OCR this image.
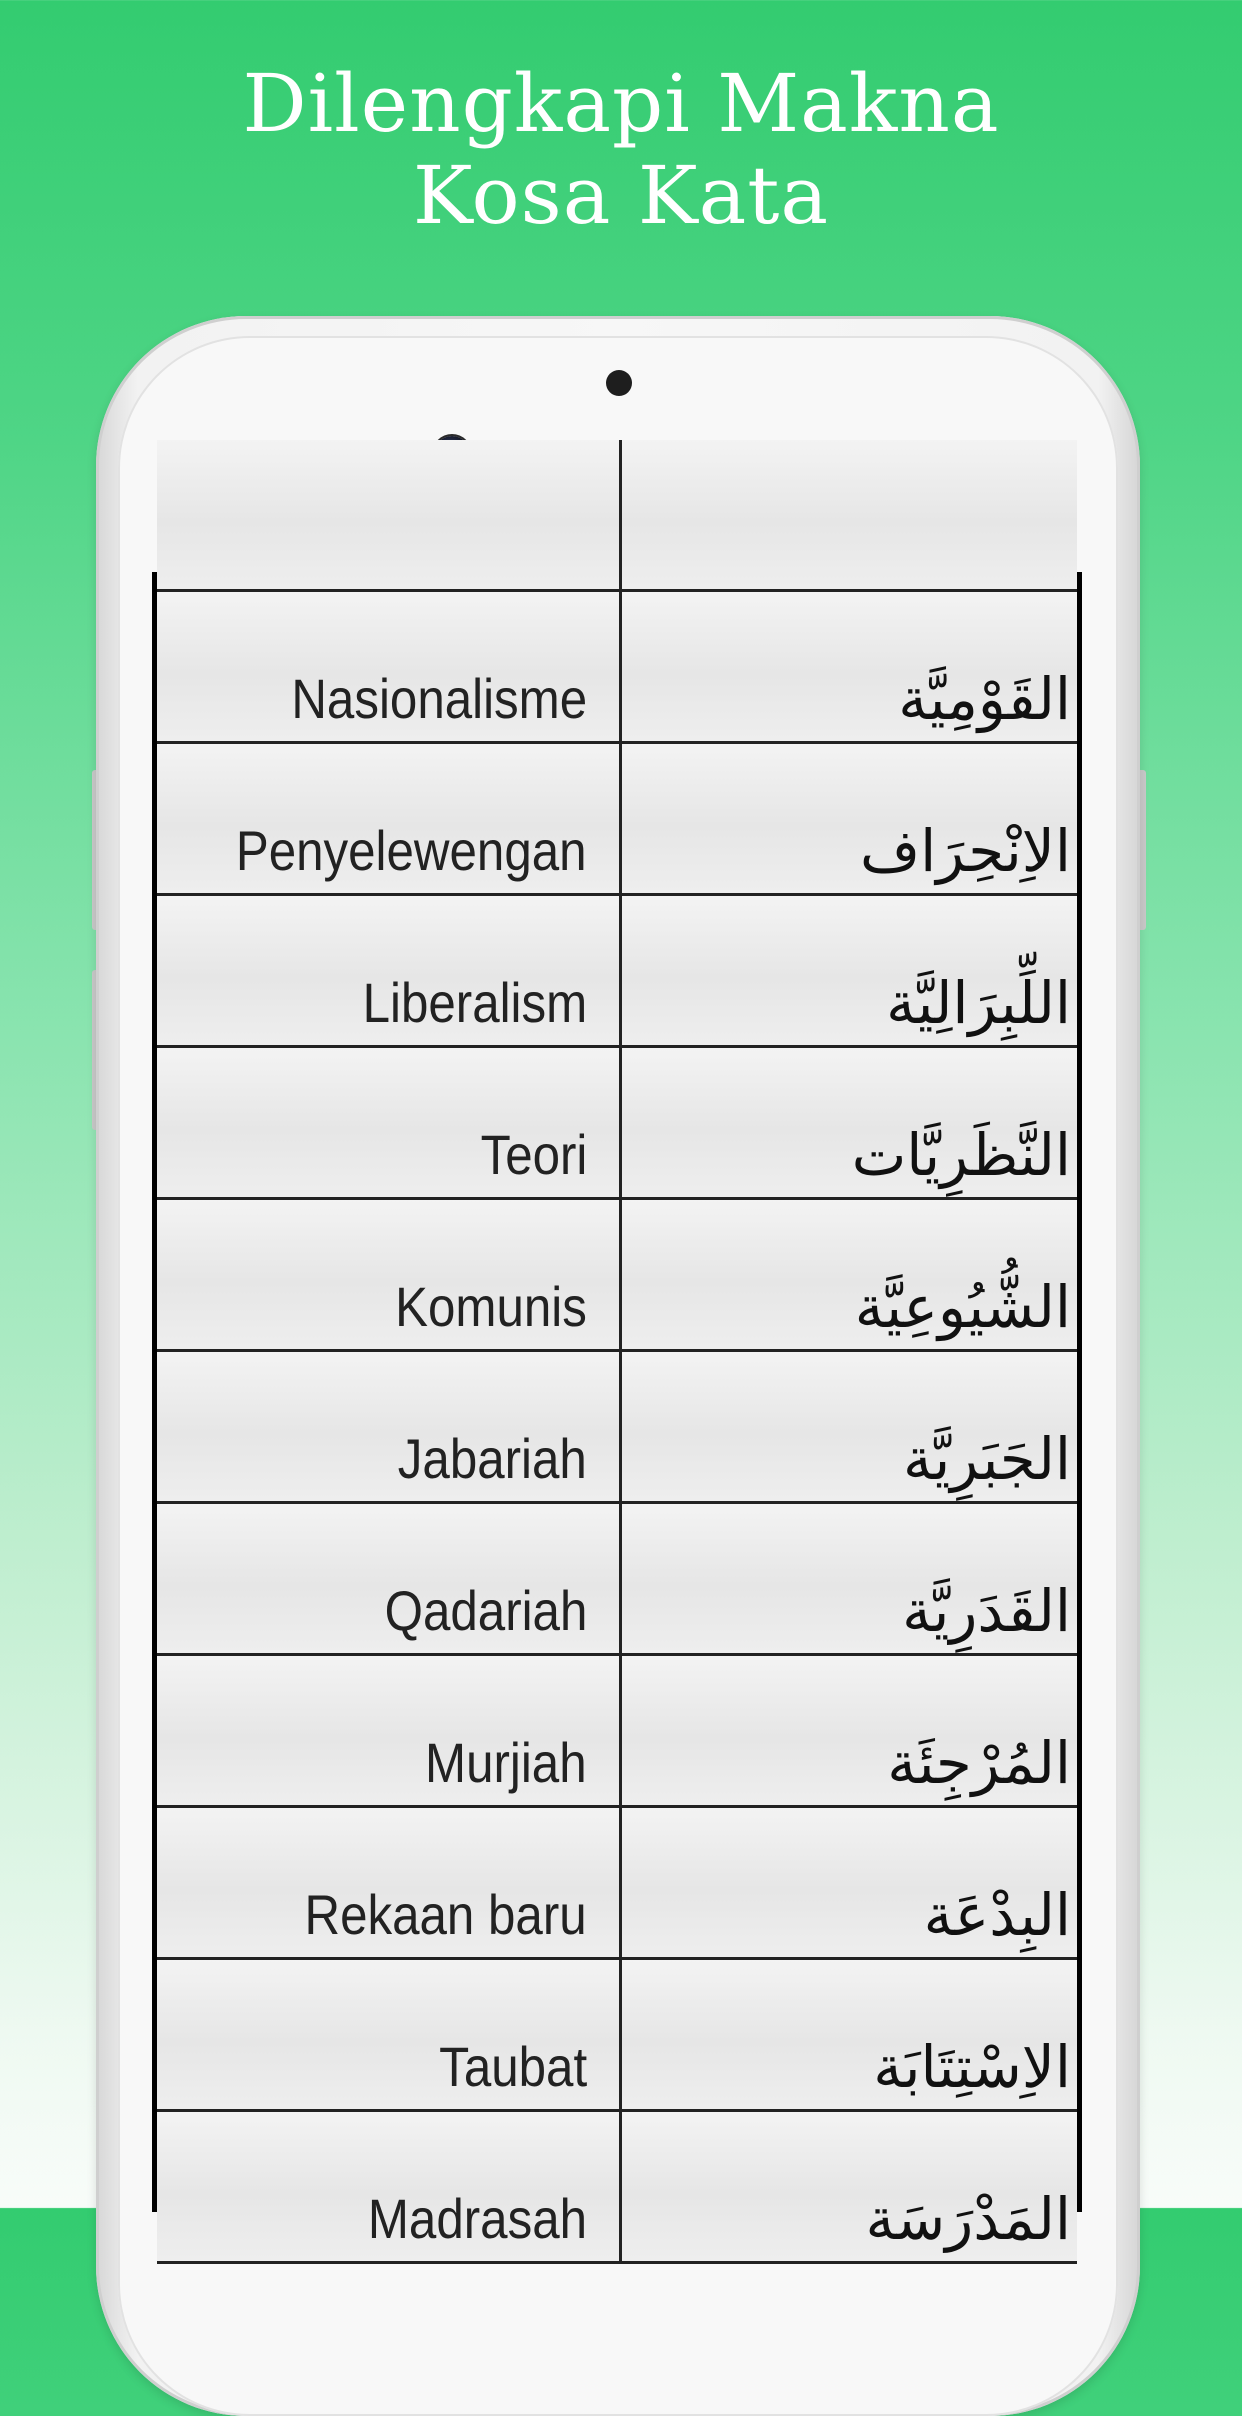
Dilengkapi Makna
Kosa Kata
Nasionalisme	القَوْمِيَّة
Penyelewengan	الاِنْحِرَاف
Liberalism	اللِّبِرَالِيَّة
Teori	النَّظَرِيَّات
Komunis	الشُّيُوعِيَّة
Jabariah	الجَبَرِيَّة
Qadariah	القَدَرِيَّة
Murjiah	المُرْجِئَة
Rekaan baru	البِدْعَة
Taubat	الاِسْتِتَابَة
Madrasah	المَدْرَسَة
